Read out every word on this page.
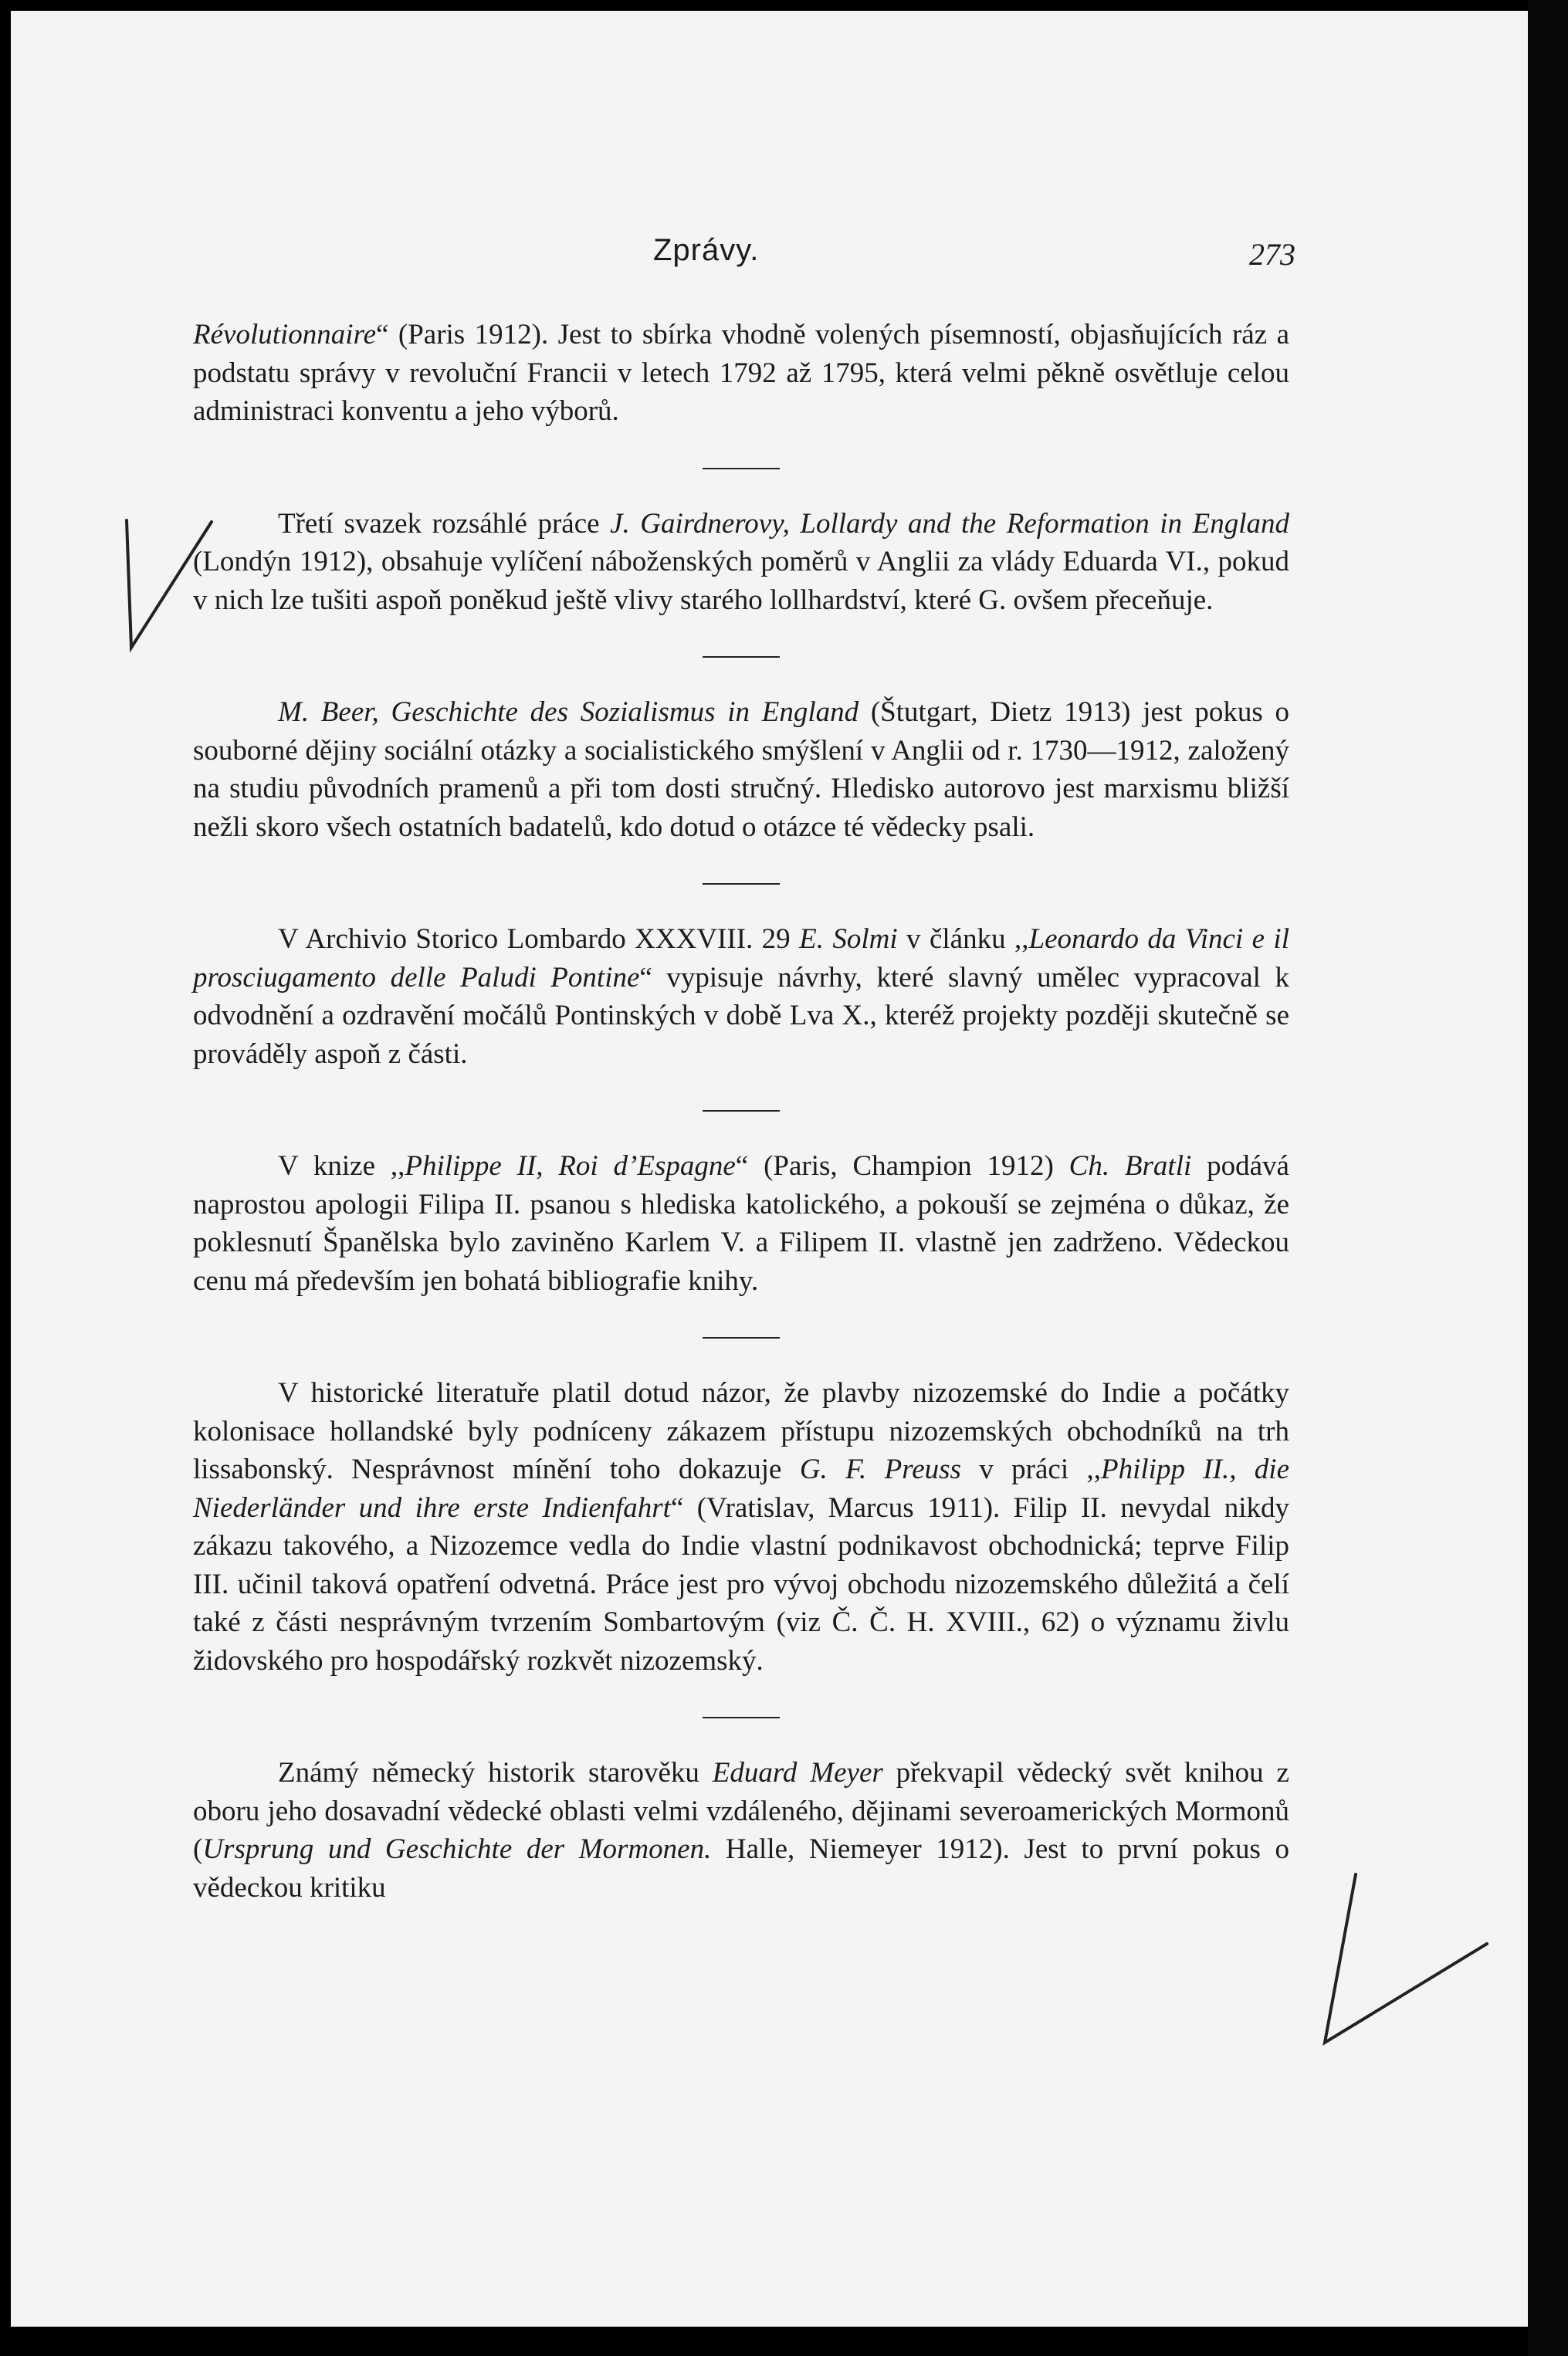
Zprávy.	273

Révolutionnaire“ (Paris 1912). Jest to sbírka vhodně volených písemností, objasňujících ráz a podstatu správy v revoluční Francii v letech 1792 až 1795, která velmi pěkně osvětluje celou administraci konventu a jeho výborů.

Třetí svazek rozsáhlé práce J. Gairdnerovy, Lollardy and the Reformation in England (Londýn 1912), obsahuje vylíčení náboženských poměrů v Anglii za vlády Eduarda VI., pokud v nich lze tušiti aspoň poněkud ještě vlivy starého lollhardství, které G. ovšem přeceňuje.

M. Beer, Geschichte des Sozialismus in England (Štutgart, Dietz 1913) jest pokus o souborné dějiny sociální otázky a socialistického smýšlení v Anglii od r. 1730—1912, založený na studiu původních pramenů a při tom dosti stručný. Hledisko autorovo jest marxismu bližší nežli skoro všech ostatních badatelů, kdo dotud o otázce té vědecky psali.

V Archivio Storico Lombardo XXXVIII. 29 E. Solmi v článku ,,Leonardo da Vinci e il prosciugamento delle Paludi Pontine“ vypisuje návrhy, které slavný umělec vypracoval k odvodnění a ozdravění močálů Pontinských v době Lva X., kteréž projekty později skutečně se prováděly aspoň z části.

V knize ,,Philippe II, Roi d’Espagne“ (Paris, Champion 1912) Ch. Bratli podává naprostou apologii Filipa II. psanou s hlediska katolického, a pokouší se zejména o důkaz, že poklesnutí Španělska bylo zaviněno Karlem V. a Filipem II. vlastně jen zadrženo. Vědeckou cenu má především jen bohatá bibliografie knihy.

V historické literatuře platil dotud názor, že plavby nizozemské do Indie a počátky kolonisace hollandské byly podníceny zákazem přístupu nizozemských obchodníků na trh lissabonský. Nesprávnost mínění toho dokazuje G. F. Preuss v práci ,,Philipp II., die Niederländer und ihre erste Indienfahrt“ (Vratislav, Marcus 1911). Filip II. nevydal nikdy zákazu takového, a Nizozemce vedla do Indie vlastní podnikavost obchodnická; teprve Filip III. učinil taková opatření odvetná. Práce jest pro vývoj obchodu nizozemského důležitá a čelí také z části nesprávným tvrzením Sombartovým (viz Č. Č. H. XVIII., 62) o významu živlu židovského pro hospodářský rozkvět nizozemský.

Známý německý historik starověku Eduard Meyer překvapil vědecký svět knihou z oboru jeho dosavadní vědecké oblasti velmi vzdáleného, dějinami severoamerických Mormonů (Ursprung und Geschichte der Mormonen. Halle, Niemeyer 1912). Jest to první pokus o vědeckou kritiku
